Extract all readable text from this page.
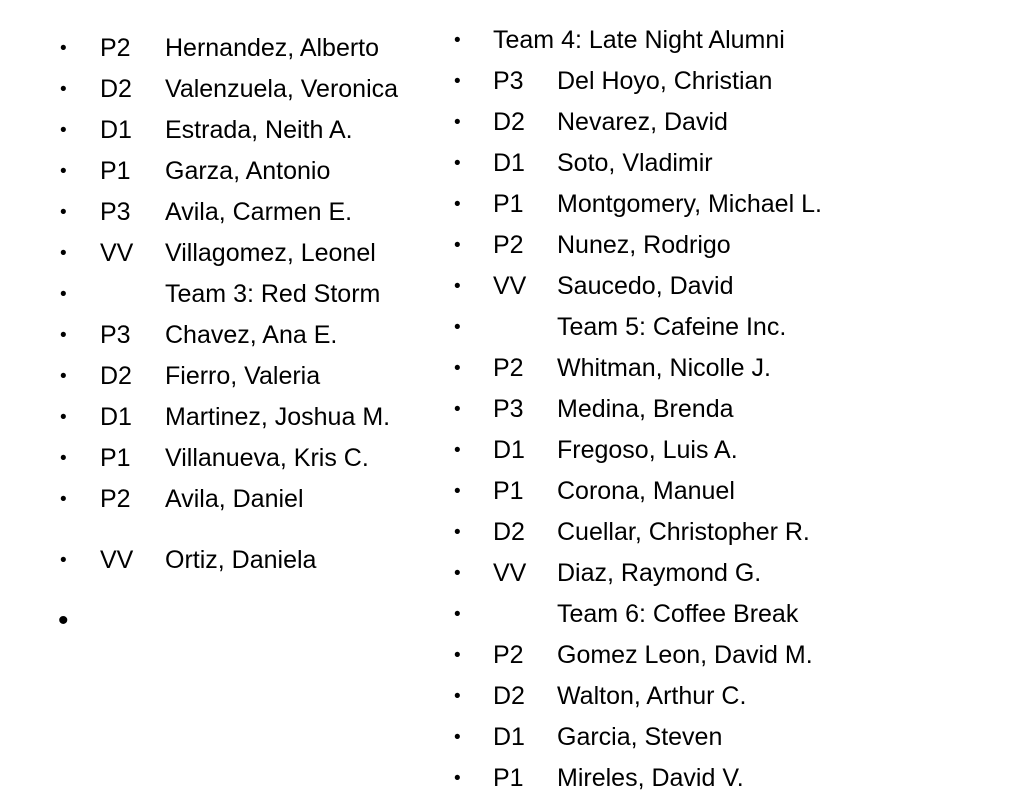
• P2 Hernandez, Alberto
• D2 Valenzuela, Veronica
• D1 Estrada, Neith A.
• P1 Garza, Antonio
• P3 Avila, Carmen E.
• VV Villagomez, Leonel
•	Team 3: Red Storm
• P3 Chavez, Ana E.
• D2 Fierro, Valeria
• D1 Martinez, Joshua M.
• P1 Villanueva, Kris C.
• P2 Avila, Daniel
• VV Ortiz, Daniela
• Team 4: Late Night Alumni
• P3 Del Hoyo, Christian
• D2 Nevarez, David
• D1 Soto, Vladimir
• P1 Montgomery, Michael L.
• P2 Nunez, Rodrigo
• VV Saucedo, David
•	Team 5: Cafeine Inc.
• P2 Whitman, Nicolle J.
• P3 Medina, Brenda
• D1 Fregoso, Luis A.
• P1 Corona, Manuel
• D2 Cuellar, Christopher R.
• VV Diaz, Raymond G.
•	Team 6: Coffee Break
• P2 Gomez Leon, David M.
• D2 Walton, Arthur C.
• D1 Garcia, Steven
• P1 Mireles, David V.
•
